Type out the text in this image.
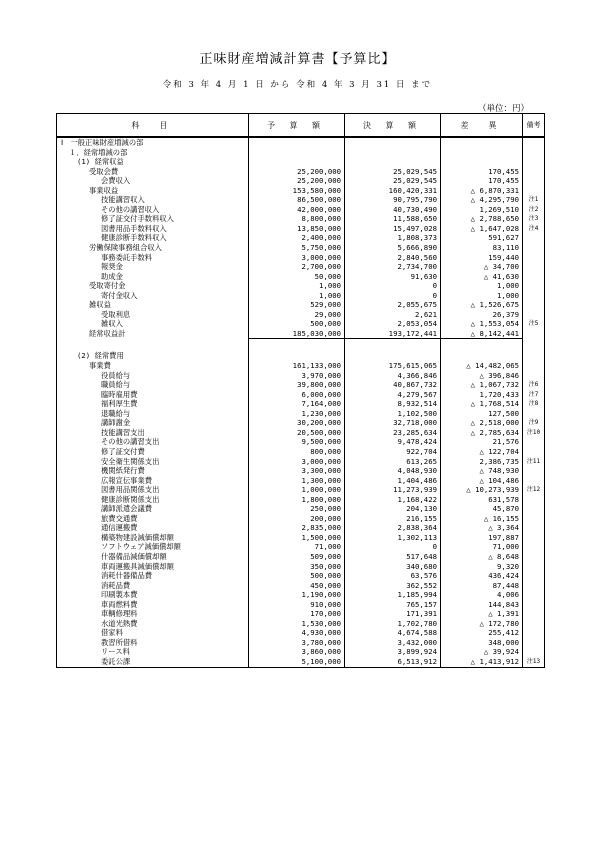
正味財産増減計算書【予算比】
令和 3 年 4 月 1 日 から 令和 4 年 3 月 31 日 まで
（単位：円）
科　目	予 算 額	決 算 額	差　異	備考
Ⅰ　一般正味財産増減の部				
１．経常増減の部				
(1) 経常収益				
受取会費	25,200,000	25,029,545	170,455	
会費収入	25,200,000	25,029,545	170,455	
事業収益	153,580,000	160,420,331	△ 6,870,331	
技能講習収入	86,500,000	90,795,790	△ 4,295,790	注1
その他の講習収入	42,000,000	40,730,490	1,269,510	注2
修了証交付手数料収入	8,800,000	11,588,650	△ 2,788,650	注3
図書用品手数料収入	13,850,000	15,497,028	△ 1,647,028	注4
健康診断手数料収入	2,400,000	1,808,373	591,627	
労働保険事務組合収入	5,750,000	5,666,890	83,110	
事務委託手数料	3,000,000	2,840,560	159,440	
報奨金	2,700,000	2,734,700	△ 34,700	
助成金	50,000	91,630	△ 41,630	
受取寄付金	1,000	0	1,000	
寄付金収入	1,000	0	1,000	
雑収益	529,000	2,055,675	△ 1,526,675	
受取利息	29,000	2,621	26,379	
雑収入	500,000	2,053,054	△ 1,553,054	注5
経常収益計	185,030,000	193,172,441	△ 8,142,441	

(2) 経常費用				
事業費	161,133,000	175,615,065	△ 14,482,065	
役員給与	3,970,000	4,366,846	△ 396,846	
職員給与	39,800,000	40,867,732	△ 1,067,732	注6
臨時雇用費	6,000,000	4,279,567	1,720,433	注7
福利厚生費	7,164,000	8,932,514	△ 1,768,514	注8
退職給与	1,230,000	1,102,500	127,500	
講師謝金	30,200,000	32,718,000	△ 2,518,000	注9
技能講習支出	20,500,000	23,285,634	△ 2,785,634	注10
その他の講習支出	9,500,000	9,478,424	21,576	
修了証交付費	800,000	922,704	△ 122,704	
安全衛生関係支出	3,000,000	613,265	2,386,735	注11
機関紙発行費	3,300,000	4,048,930	△ 748,930	
広報宣伝事業費	1,300,000	1,404,486	△ 104,486	
図書用品関係支出	1,000,000	11,273,939	△ 10,273,939	注12
健康診断関係支出	1,800,000	1,168,422	631,578	
講師派遣会議費	250,000	204,130	45,870	
旅費交通費	200,000	216,155	△ 16,155	
通信運搬費	2,835,000	2,838,364	△ 3,364	
構築物建設減価償却額	1,500,000	1,302,113	197,887	
ソフトウェア減価償却額	71,000	0	71,000	
什器備品減価償却額	509,000	517,648	△ 8,648	
車両運搬具減価償却額	350,000	340,680	9,320	
消耗什器備品費	500,000	63,576	436,424	
消耗品費	450,000	362,552	87,448	
印刷製本費	1,190,000	1,185,994	4,006	
車両燃料費	910,000	765,157	144,843	
車輌修理料	170,000	171,391	△ 1,391	
水道光熱費	1,530,000	1,702,780	△ 172,780	
借家料	4,930,000	4,674,588	255,412	
教習所借料	3,780,000	3,432,000	348,000	
リース料	3,860,000	3,899,924	△ 39,924	
委託公課	5,100,000	6,513,912	△ 1,413,912	注13
